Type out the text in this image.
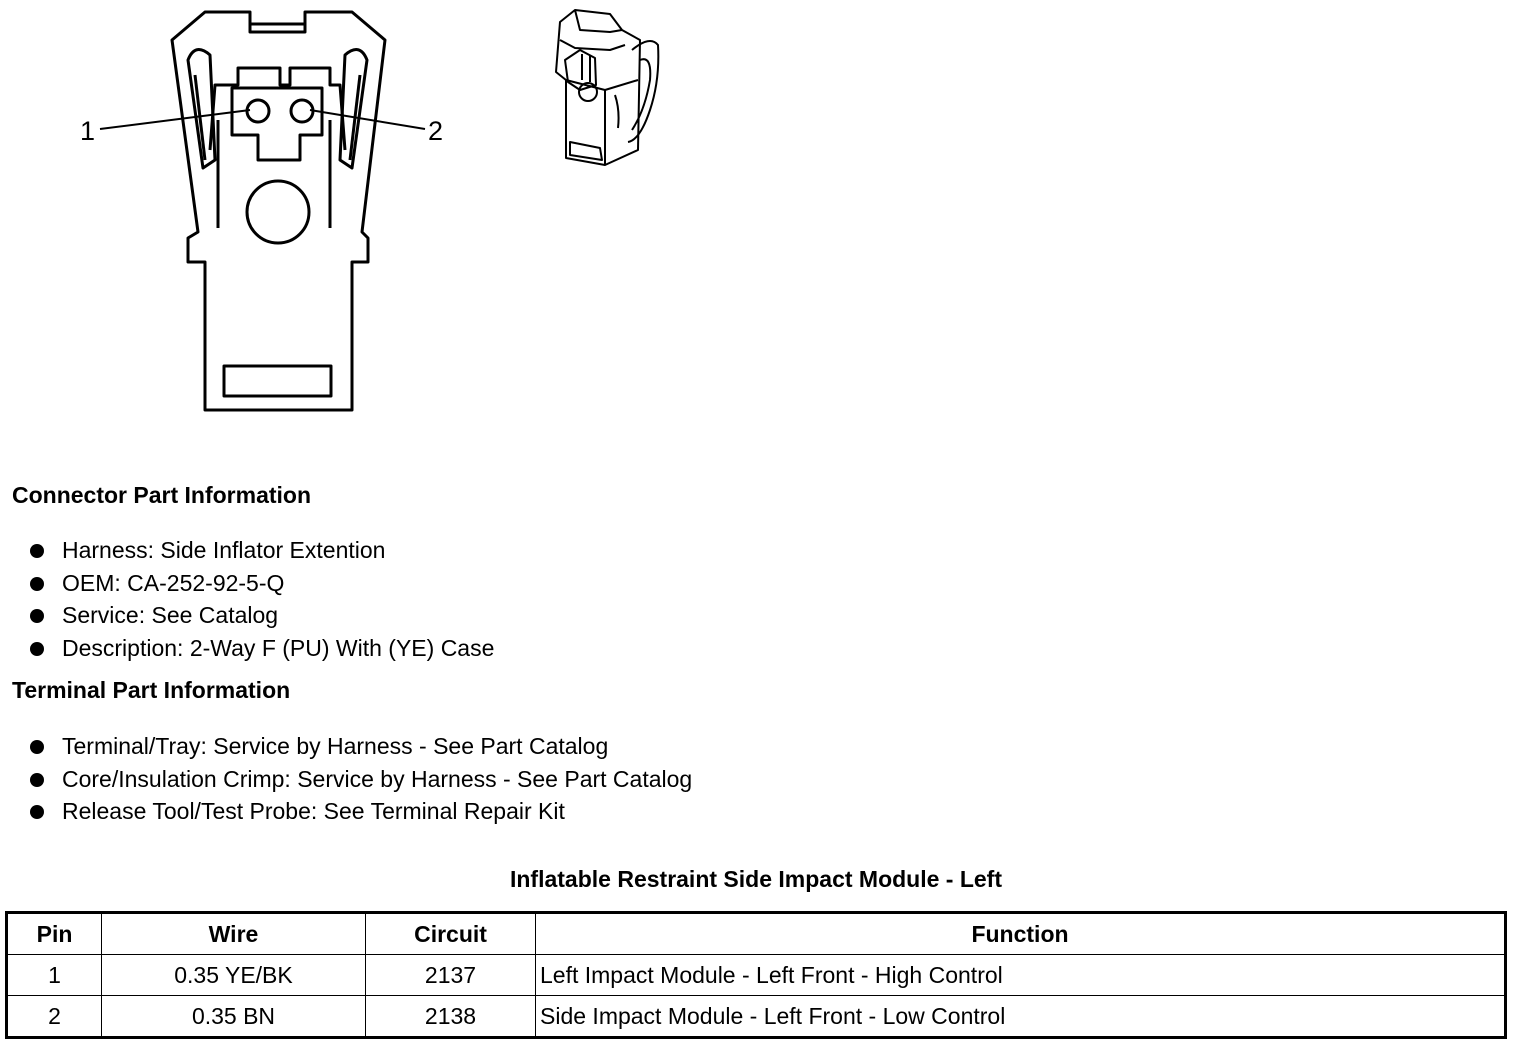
1	2
Connector Part Information
Harness: Side Inflator Extention
OEM: CA-252-92-5-Q
Service: See Catalog
Description: 2-Way F (PU) With (YE) Case
Terminal Part Information
Terminal/Tray: Service by Harness - See Part Catalog
Core/Insulation Crimp: Service by Harness - See Part Catalog
Release Tool/Test Probe: See Terminal Repair Kit
Inflatable Restraint Side Impact Module - Left
Pin	Wire	Circuit	Function
1	0.35 YE/BK	2137	Left Impact Module - Left Front - High Control
2	0.35 BN	2138	Side Impact Module - Left Front - Low Control
